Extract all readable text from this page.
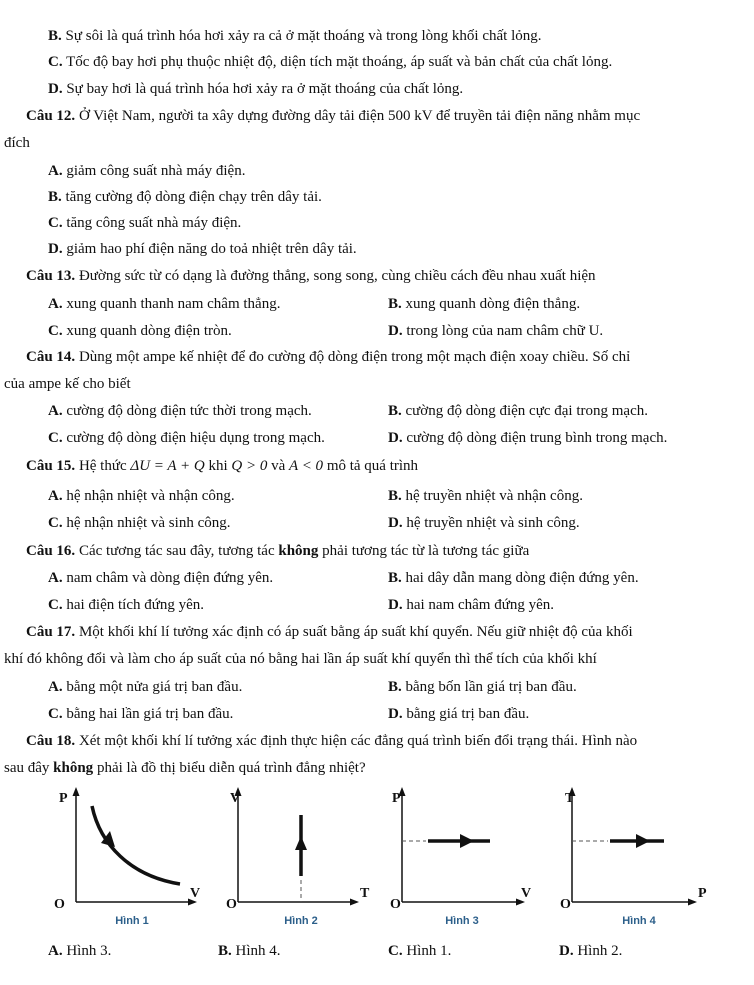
B. Sự sôi là quá trình hóa hơi xảy ra cả ở mặt thoáng và trong lòng khối chất lỏng.
C. Tốc độ bay hơi phụ thuộc nhiệt độ, diện tích mặt thoáng, áp suất và bản chất của chất lỏng.
D. Sự bay hơi là quá trình hóa hơi xảy ra ở mặt thoáng của chất lỏng.
Câu 12. Ở Việt Nam, người ta xây dựng đường dây tải điện 500 kV để truyền tải điện năng nhằm mục
đích
A. giảm công suất nhà máy điện.
B. tăng cường độ dòng điện chạy trên dây tải.
C. tăng công suất nhà máy điện.
D. giảm hao phí điện năng do toả nhiệt trên dây tải.
Câu 13. Đường sức từ có dạng là đường thẳng, song song, cùng chiều cách đều nhau xuất hiện
A. xung quanh thanh nam châm thẳng.	B. xung quanh dòng điện thẳng.
C. xung quanh dòng điện tròn.	D. trong lòng của nam châm chữ U.
Câu 14. Dùng một ampe kế nhiệt để đo cường độ dòng điện trong một mạch điện xoay chiều. Số chỉ
của ampe kế cho biết
A. cường độ dòng điện tức thời trong mạch.	B. cường độ dòng điện cực đại trong mạch.
C. cường độ dòng điện hiệu dụng trong mạch.	D. cường độ dòng điện trung bình trong mạch.
Câu 15. Hệ thức ΔU = A + Q khi Q > 0 và A < 0 mô tả quá trình
A. hệ nhận nhiệt và nhận công.	B. hệ truyền nhiệt và nhận công.
C. hệ nhận nhiệt và sinh công.	D. hệ truyền nhiệt và sinh công.
Câu 16. Các tương tác sau đây, tương tác không phải tương tác từ là tương tác giữa
A. nam châm và dòng điện đứng yên.	B. hai dây dẫn mang dòng điện đứng yên.
C. hai điện tích đứng yên.	D. hai nam châm đứng yên.
Câu 17. Một khối khí lí tưởng xác định có áp suất bằng áp suất khí quyển. Nếu giữ nhiệt độ của khối
khí đó không đổi và làm cho áp suất của nó bằng hai lần áp suất khí quyển thì thể tích của khối khí
A. bằng một nửa giá trị ban đầu.	B. bằng bốn lần giá trị ban đầu.
C. bằng hai lần giá trị ban đầu.	D. bằng giá trị ban đầu.
Câu 18. Xét một khối khí lí tưởng xác định thực hiện các đẳng quá trình biến đổi trạng thái. Hình nào
sau đây không phải là đồ thị biểu diễn quá trình đẳng nhiệt?
P
V
O
Hình 1
V
T
O
Hình 2
P
V
O
Hình 3
T
P
O
Hình 4
A. Hình 3.	B. Hình 4.	C. Hình 1.	D. Hình 2.
